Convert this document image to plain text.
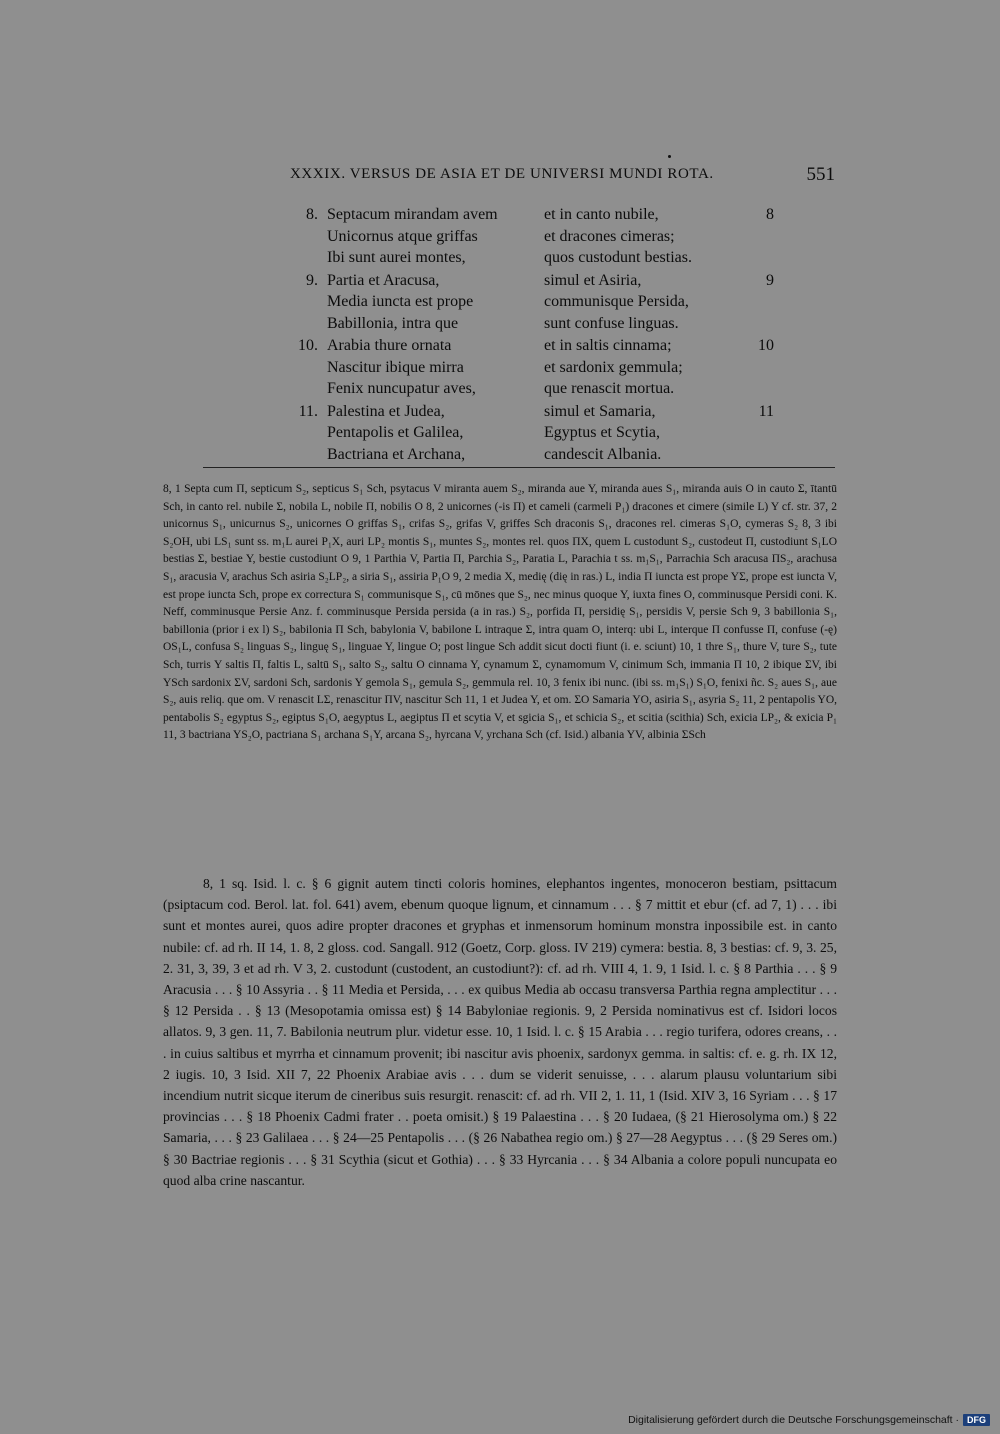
XXXIX. VERSUS DE ASIA ET DE UNIVERSI MUNDI ROTA.	551
8. Septacum mirandam avem	et in canto nubile,	8
Unicornus atque griffas	et dracones cimeras;
Ibi sunt aurei montes,	quos custodunt bestias.
9. Partia et Aracusa,	simul et Asiria,	9
Media iuncta est prope	communisque Persida,
Babillonia, intra que	sunt confuse linguas.
10. Arabia thure ornata	et in saltis cinnama;	10
Nascitur ibique mirra	et sardonix gemmula;
Fenix nuncupatur aves,	que renascit mortua.
11. Palestina et Judea,	simul et Samaria,	11
Pentapolis et Galilea,	Egyptus et Scytia,
Bactriana et Archana,	candescit Albania.

8, 1 Septa cum Π, septicum S₂, septicus S₁ Sch, psytacus V miranta auem S₂, miranda aue Y, miranda aues S₁, miranda auis O in cauto Σ, ītantū Sch, in canto rel. nubile Σ, nobila L, nobile Π, nobilis O 8, 2 unicornes (-is Π) et cameli (carmeli P₁) dracones et cimere (simile L) Y cf. str. 37, 2 unicornus S₁, unicurnus S₂, unicornes O griffas S₁, crifas S₂, grifas V, griffes Sch draconis S₁, dracones rel. cimeras S₁O, cymeras S₂ 8, 3 ibi S₂OH, ubi LS₁ sunt ss. m₁L aurei P₁X, auri LP₂ montis S₁, muntes S₂, montes rel. quos ΠX, quem L custodunt S₂, custodeut Π, custodiunt S₁LO bestias Σ, bestiae Y, bestie custodiunt O 9, 1 Parthia V, Partia Π, Parchia S₂, Paratia L, Parachia t ss. m₁S₁, Parrachia Sch aracusa ΠS₂, arachusa S₁, aracusia V, arachus Sch asiria S₂LP₂, a siria S₁, assiria P₁O 9, 2 media X, medię (dię in ras.) L, india Π iuncta est prope YΣ, prope est iuncta V, est prope iuncta Sch, prope ex correctura S₁ communisque S₁, cū mōnes que S₂, nec minus quoque Y, iuxta fines O, comminusque Persidi coni. K. Neff, comminusque Persie Anz. f. comminusque Persida persida (a in ras.) S₂, porfida Π, persidię S₁, persidis V, persie Sch 9, 3 babillonia S₁, babillonia (prior i ex l) S₂, babilonia Π Sch, babylonia V, babilone L intraque Σ, intra quam O, interq: ubi L, interque Π confusse Π, confuse (-ę) OS₁L, confusa S₂ linguas S₂, linguę S₁, linguae Y, lingue O; post lingue Sch addit sicut docti fiunt (i. e. sciunt) 10, 1 thre S₁, thure V, ture S₂, tute Sch, turris Y saltis Π, faltis L, saltū S₁, salto S₂, saltu O cinnama Y, cynamum Σ, cynamomum V, cinimum Sch, immania Π 10, 2 ibique ΣV, ibi YSch sardonix ΣV, sardoni Sch, sardonis Y gemola S₁, gemula S₂, gemmula rel. 10, 3 fenix ibi nunc. (ibi ss. m₁S₁) S₁O, fenixi ñc. S₂ aues S₁, aue S₂, auis reliq. que om. V renascit LΣ, renascitur ΠV, nascitur Sch 11, 1 et Judea Y, et om. ΣO Samaria YO, asiria S₁, asyria S₂ 11, 2 pentapolis YO, pentabolis S₂ egyptus S₂, egiptus S₁O, aegyptus L, aegiptus Π et scytia V, et sgicia S₁, et schicia S₂, et scitia (scithia) Sch, exicia LP₂, & exicia P₁ 11, 3 bactriana YS₂O, pactriana S₁ archana S₁Y, arcana S₂, hyrcana V, yrchana Sch (cf. Isid.) albania YV, albinia ΣSch

8, 1 sq. Isid. l. c. § 6 gignit autem tincti coloris homines, elephantos ingentes, monoceron bestiam, psittacum (psiptacum cod. Berol. lat. fol. 641) avem, ebenum quoque lignum, et cinnamum . . . § 7 mittit et ebur (cf. ad 7, 1) . . . ibi sunt et montes aurei, quos adire propter dracones et gryphas et inmensorum hominum monstra inpossibile est. in canto nubile: cf. ad rh. II 14, 1. 8, 2 gloss. cod. Sangall. 912 (Goetz, Corp. gloss. IV 219) cymera: bestia. 8, 3 bestias: cf. 9, 3. 25, 2. 31, 3, 39, 3 et ad rh. V 3, 2. custodunt (custodent, an custodiunt?): cf. ad rh. VIII 4, 1. 9, 1 Isid. l. c. § 8 Parthia . . . § 9 Aracusia . . . § 10 Assyria . . § 11 Media et Persida, . . . ex quibus Media ab occasu transversa Parthia regna amplectitur . . . § 12 Persida . . § 13 (Mesopotamia omissa est) § 14 Babyloniae regionis. 9, 2 Persida nominativus est cf. Isidori locos allatos. 9, 3 gen. 11, 7. Babilonia neutrum plur. videtur esse. 10, 1 Isid. l. c. § 15 Arabia . . . regio turifera, odores creans, . . . in cuius saltibus et myrrha et cinnamum provenit; ibi nascitur avis phoenix, sardonyx gemma. in saltis: cf. e. g. rh. IX 12, 2 iugis. 10, 3 Isid. XII 7, 22 Phoenix Arabiae avis . . . dum se viderit senuisse, . . . alarum plausu voluntarium sibi incendium nutrit sicque iterum de cineribus suis resurgit. renascit: cf. ad rh. VII 2, 1. 11, 1 (Isid. XIV 3, 16 Syriam . . . § 17 provincias . . . § 18 Phoenix Cadmi frater . . poeta omisit.) § 19 Palaestina . . . § 20 Iudaea, (§ 21 Hierosolyma om.) § 22 Samaria, . . . § 23 Galilaea . . . § 24—25 Pentapolis . . . (§ 26 Nabathea regio om.) § 27—28 Aegyptus . . . (§ 29 Seres om.) § 30 Bactriae regionis . . . § 31 Scythia (sicut et Gothia) . . . § 33 Hyrcania . . . § 34 Albania a colore populi nuncupata eo quod alba crine nascantur.

Digitalisierung gefördert durch die Deutsche Forschungsgemeinschaft · DFG
